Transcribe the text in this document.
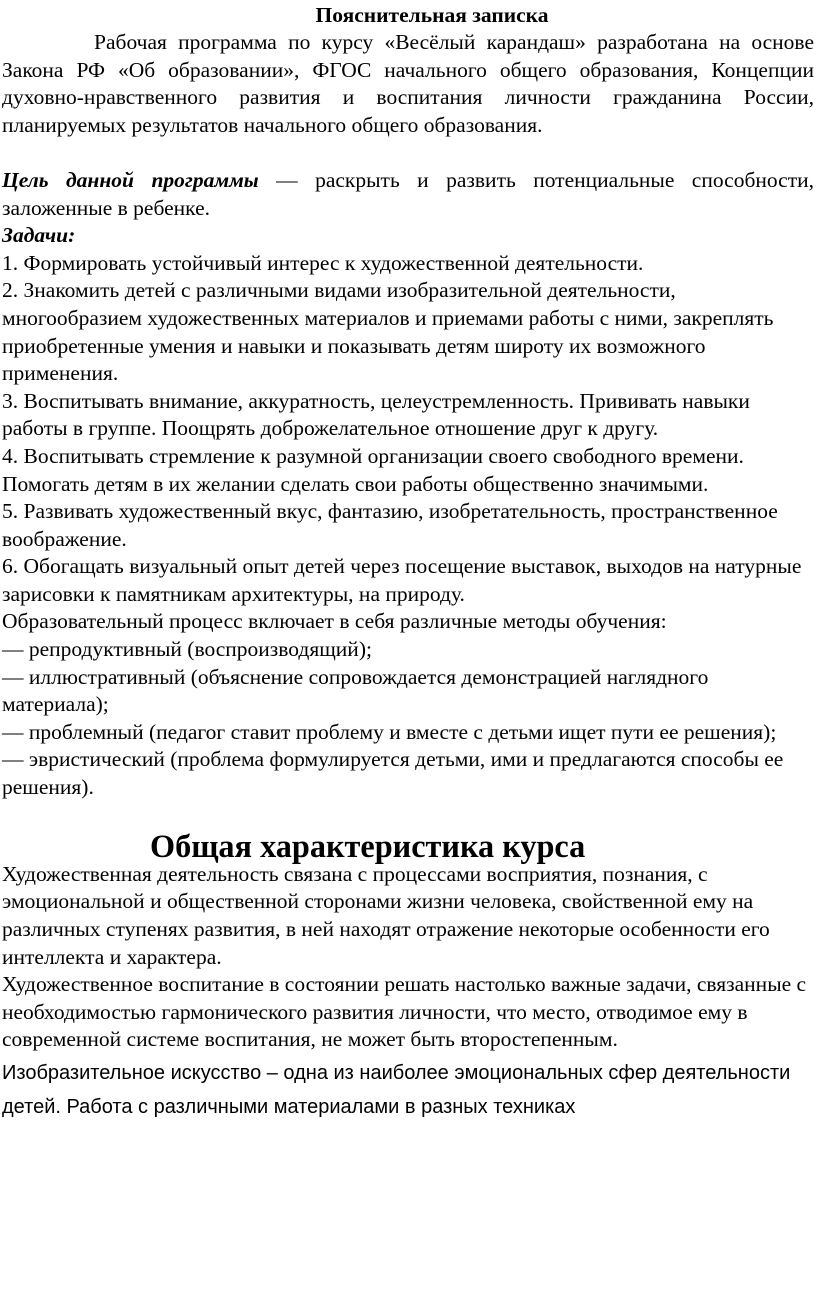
Пояснительная записка

Рабочая программа по курсу «Весёлый карандаш» разработана на основе Закона РФ «Об образовании», ФГОС начального общего образования, Концепции духовно-нравственного развития и воспитания личности гражданина России, планируемых результатов начального общего образования.

Цель данной программы — раскрыть и развить потенциальные способности, заложенные в ребенке.

Задачи:

1. Формировать устойчивый интерес к художественной деятельности.

2. Знакомить детей с различными видами изобразительной деятельности, многообразием художественных материалов и приемами работы с ними, закреплять приобретенные умения и навыки и показывать детям широту их возможного применения.

3. Воспитывать внимание, аккуратность, целеустремленность. Прививать навыки работы в группе. Поощрять доброжелательное отношение друг к другу.

4. Воспитывать стремление к разумной организации своего свободного времени. Помогать детям в их желании сделать свои работы общественно значимыми.

5. Развивать художественный вкус, фантазию, изобретательность, пространственное воображение.

6. Обогащать визуальный опыт детей через посещение выставок, выходов на натурные зарисовки к памятникам архитектуры, на природу.

Образовательный процесс включает в себя различные методы обучения:

— репродуктивный (воспроизводящий);

— иллюстративный (объяснение сопровождается демонстрацией наглядного материала);

— проблемный (педагог ставит проблему и вместе с детьми ищет пути ее решения);

— эвристический (проблема формулируется детьми, ими и предлагаются способы ее решения).

Общая характеристика курса

Художественная деятельность связана с процессами восприятия, познания, с эмоциональной и общественной сторонами жизни человека, свойственной ему на различных ступенях развития, в ней находят отражение некоторые особенности его интеллекта и характера.

Художественное воспитание в состоянии решать настолько важные задачи, связанные с необходимостью гармонического развития личности, что место, отводимое ему в современной системе воспитания, не может быть второстепенным.

Изобразительное искусство – одна из наиболее эмоциональных сфер деятельности детей. Работа с различными материалами в разных техниках
